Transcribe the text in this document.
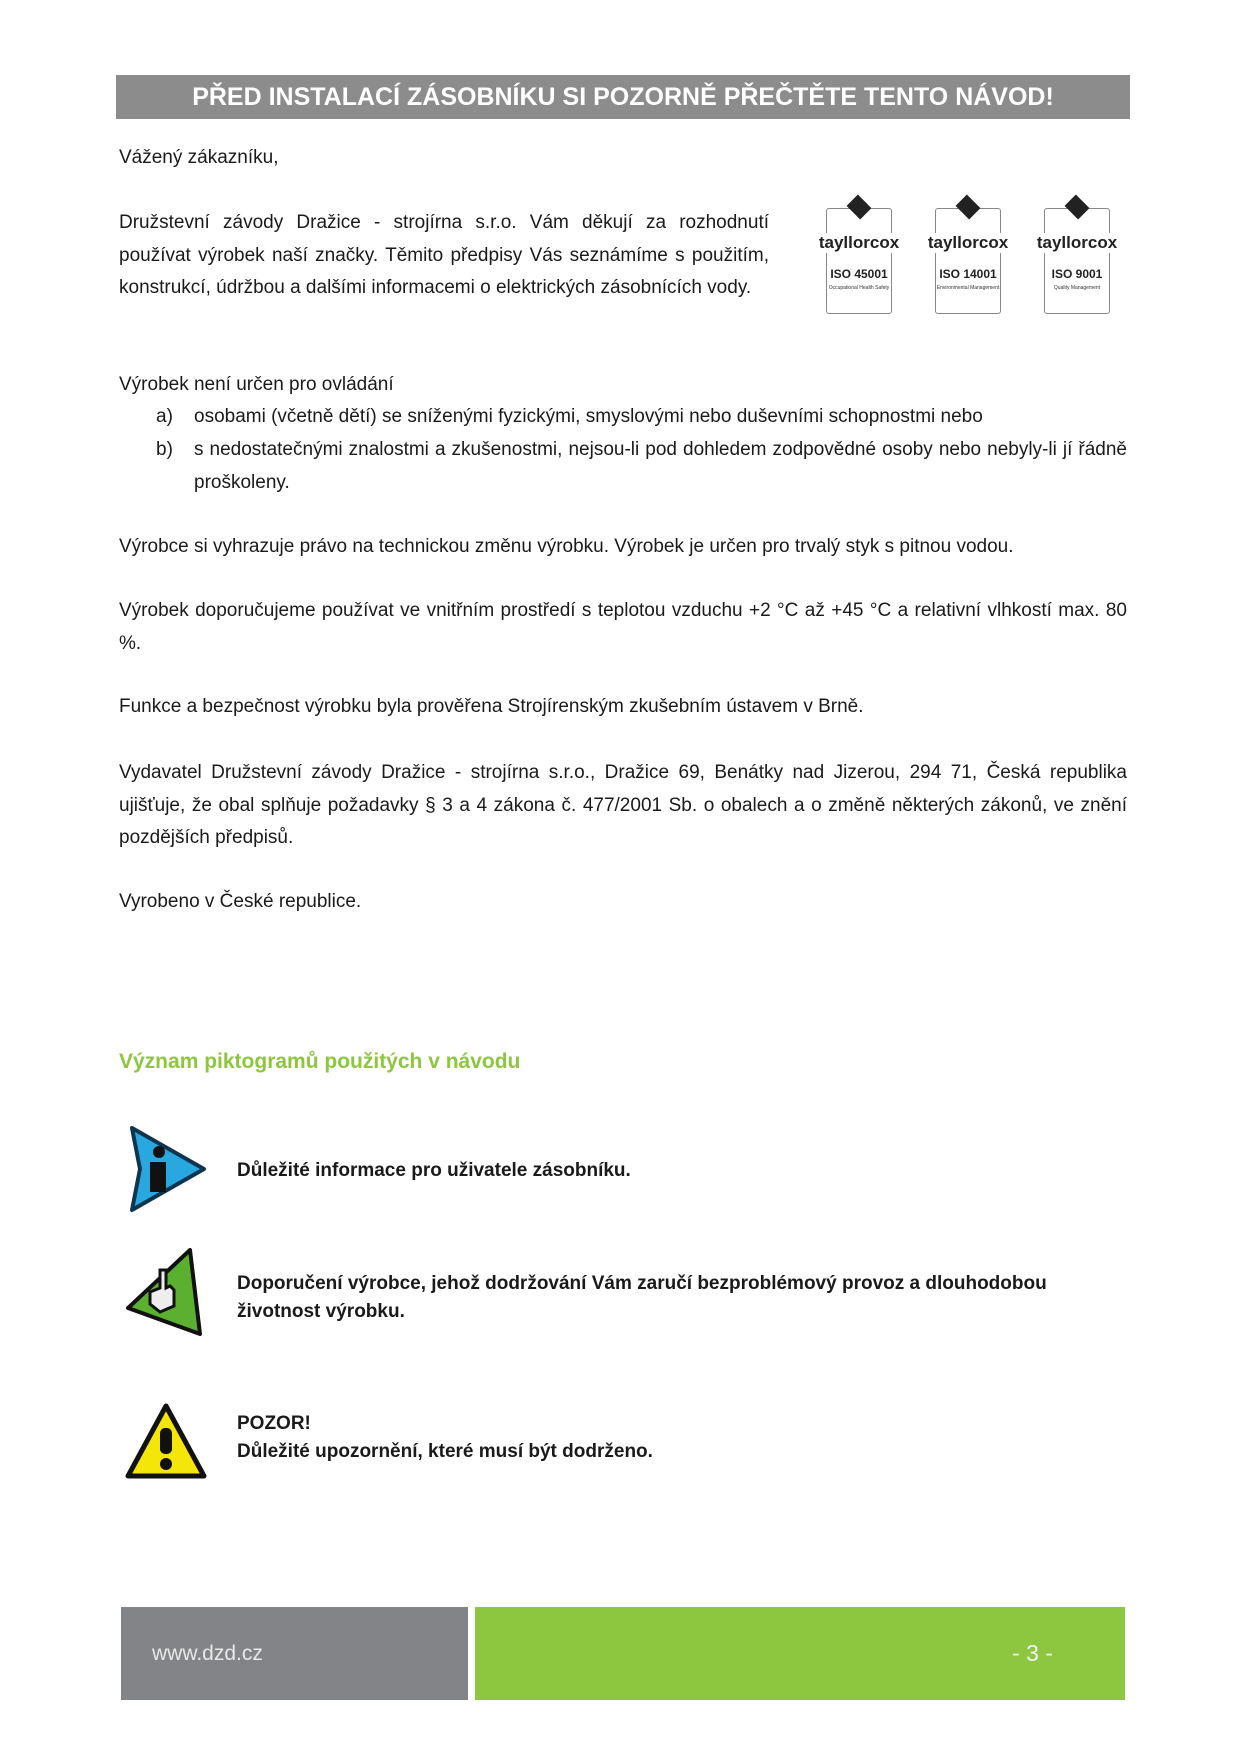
PŘED INSTALACÍ ZÁSOBNÍKU SI POZORNĚ PŘEČTĚTE TENTO NÁVOD!

Vážený zákazníku,

Družstevní závody Dražice - strojírna s.r.o. Vám děkují za rozhodnutí používat výrobek naší značky. Těmito předpisy Vás seznámíme s použitím, konstrukcí, údržbou a dalšími informacemi o elektrických zásobnících vody.

tayllorcox
ISO 45001
Occupational Health Safety
tayllorcox
ISO 14001
Environmental Management
tayllorcox
ISO 9001
Quality Management

Výrobek není určen pro ovládání

a) osobami (včetně dětí) se sníženými fyzickými, smyslovými nebo duševními schopnostmi nebo
b) s nedostatečnými znalostmi a zkušenostmi, nejsou-li pod dohledem zodpovědné osoby nebo nebyly-li jí řádně proškoleny.

Výrobce si vyhrazuje právo na technickou změnu výrobku. Výrobek je určen pro trvalý styk s pitnou vodou.

Výrobek doporučujeme používat ve vnitřním prostředí s teplotou vzduchu +2 °C až +45 °C a relativní vlhkostí max. 80 %.

Funkce a bezpečnost výrobku byla prověřena Strojírenským zkušebním ústavem v Brně.

Vydavatel Družstevní závody Dražice - strojírna s.r.o., Dražice 69, Benátky nad Jizerou, 294 71, Česká republika ujišťuje, že obal splňuje požadavky § 3 a 4 zákona č. 477/2001 Sb. o obalech a o změně některých zákonů, ve znění pozdějších předpisů.

Vyrobeno v České republice.

Význam piktogramů použitých v návodu
Důležité informace pro uživatele zásobníku.
Doporučení výrobce, jehož dodržování Vám zaručí bezproblémový provoz a dlouhodobou životnost výrobku.
POZOR!
Důležité upozornění, které musí být dodrženo.
www.dzd.cz	- 3 -
